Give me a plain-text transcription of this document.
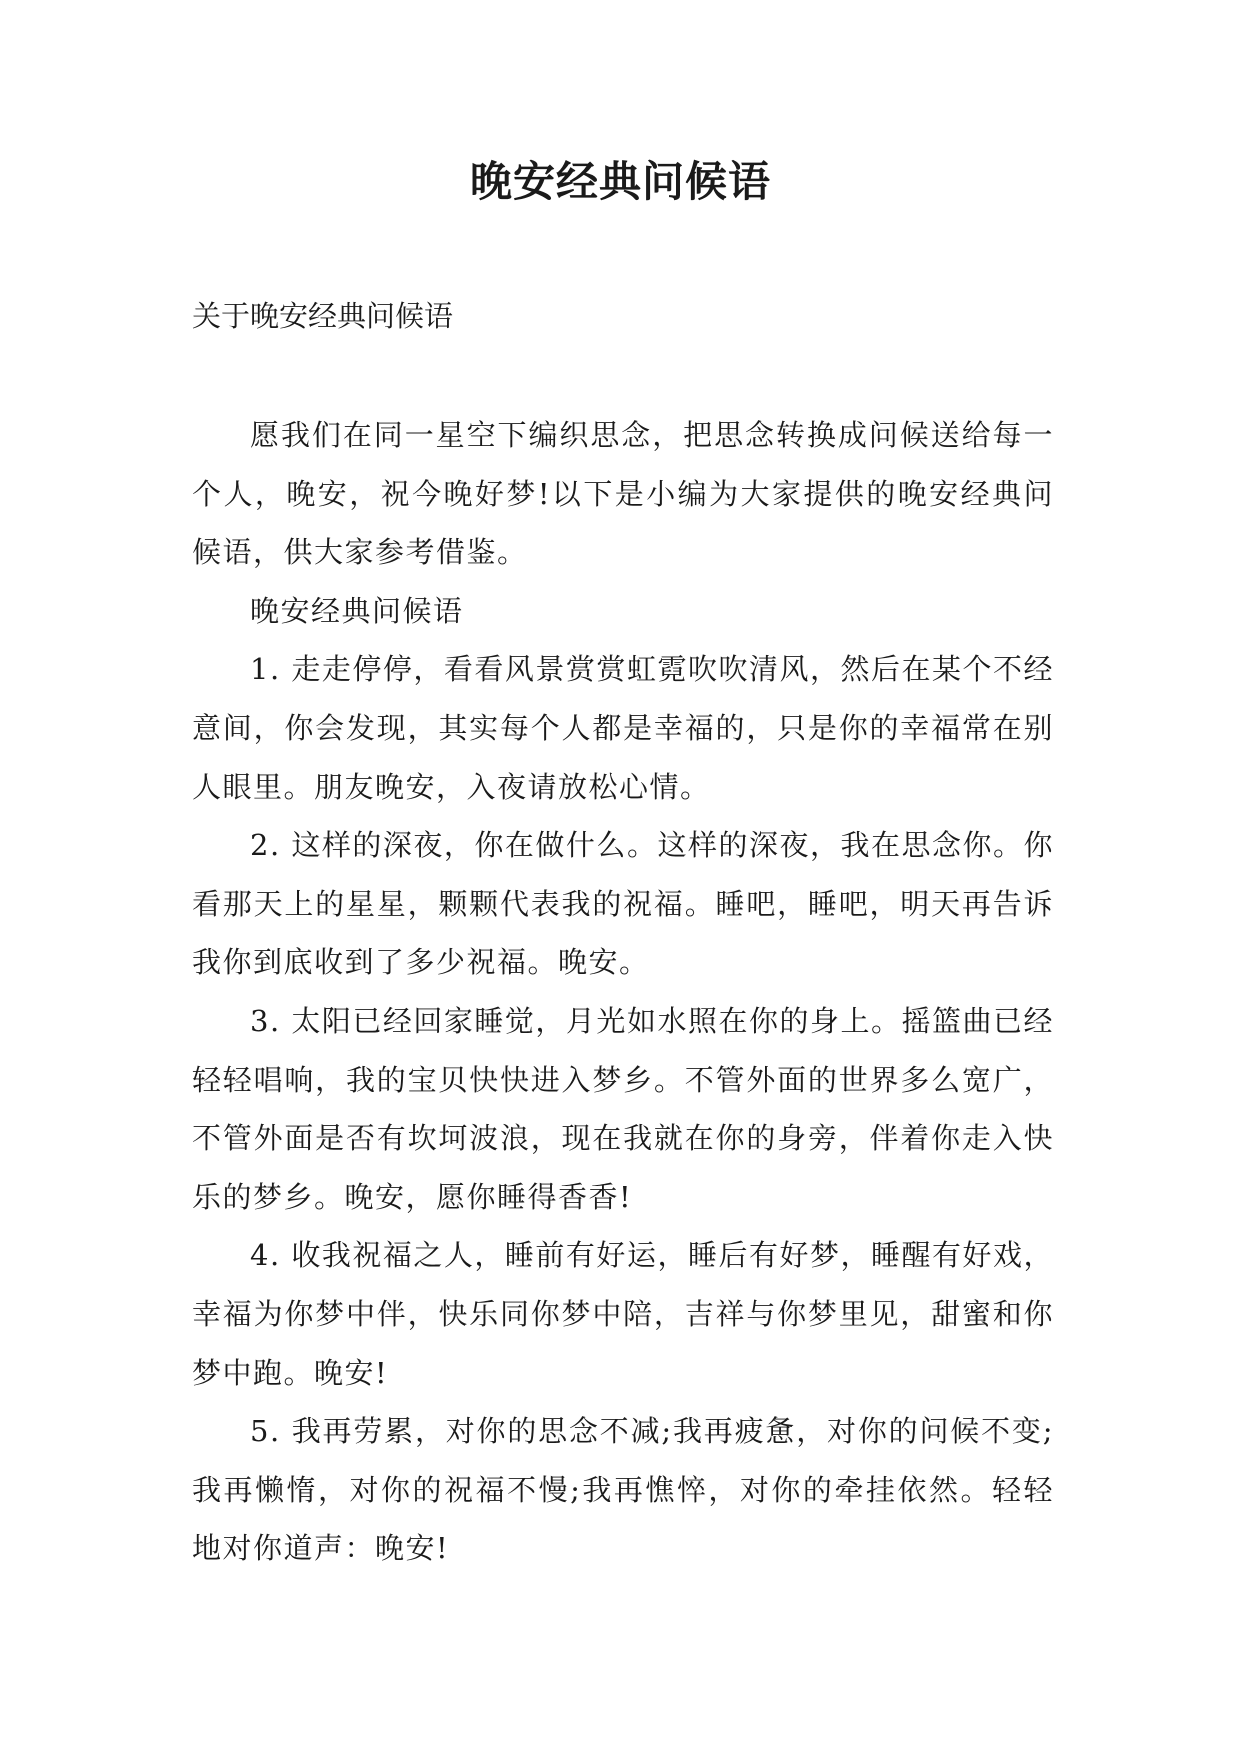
晚安经典问候语

关于晚安经典问候语

愿我们在同一星空下编织思念，把思念转换成问候送给每一个人，晚安，祝今晚好梦!以下是小编为大家提供的晚安经典问候语，供大家参考借鉴。

晚安经典问候语

1. 走走停停，看看风景赏赏虹霓吹吹清风，然后在某个不经意间，你会发现，其实每个人都是幸福的，只是你的幸福常在别人眼里。朋友晚安，入夜请放松心情。

2. 这样的深夜，你在做什么。这样的深夜，我在思念你。你看那天上的星星，颗颗代表我的祝福。睡吧，睡吧，明天再告诉我你到底收到了多少祝福。晚安。

3. 太阳已经回家睡觉，月光如水照在你的身上。摇篮曲已经轻轻唱响，我的宝贝快快进入梦乡。不管外面的世界多么宽广，不管外面是否有坎坷波浪，现在我就在你的身旁，伴着你走入快乐的梦乡。晚安，愿你睡得香香!

4. 收我祝福之人，睡前有好运，睡后有好梦，睡醒有好戏，幸福为你梦中伴，快乐同你梦中陪，吉祥与你梦里见，甜蜜和你梦中跑。晚安!

5. 我再劳累，对你的思念不减;我再疲惫，对你的问候不变;我再懒惰，对你的祝福不慢;我再憔悴，对你的牵挂依然。轻轻地对你道声：晚安!
